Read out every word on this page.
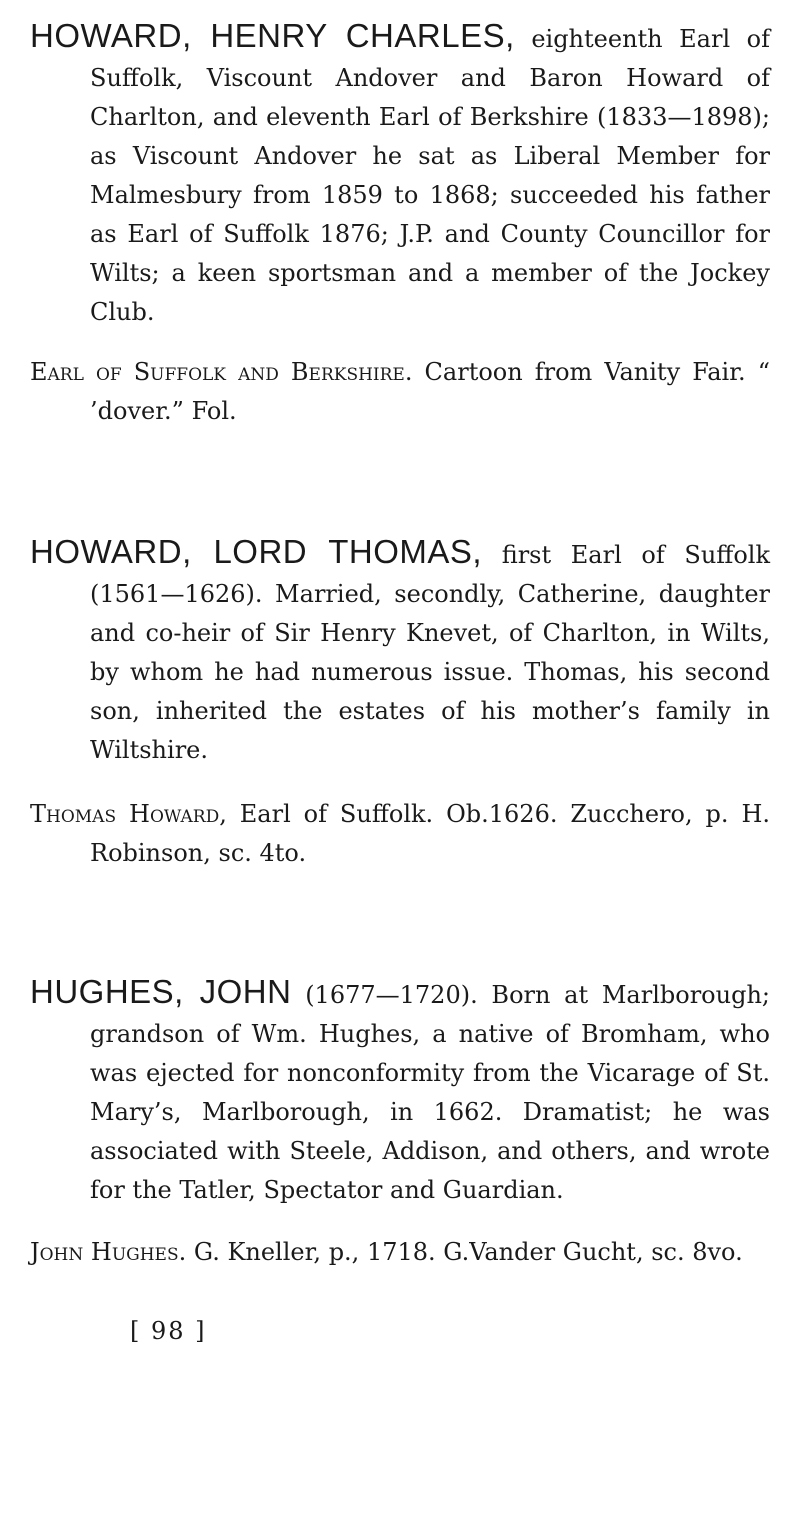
HOWARD, HENRY CHARLES, eighteenth Earl of Suffolk, Viscount Andover and Baron Howard of Charlton, and eleventh Earl of Berkshire (1833—1898); as Viscount Andover he sat as Liberal Member for Malmesbury from 1859 to 1868; succeeded his father as Earl of Suffolk 1876; J.P. and County Councillor for Wilts; a keen sportsman and a member of the Jockey Club.

Earl of Suffolk and Berkshire. Cartoon from Vanity Fair. “ ’dover.” Fol.

HOWARD, LORD THOMAS, first Earl of Suffolk (1561—1626). Married, secondly, Catherine, daughter and co-heir of Sir Henry Knevet, of Charlton, in Wilts, by whom he had numerous issue. Thomas, his second son, inherited the estates of his mother’s family in Wiltshire.

Thomas Howard, Earl of Suffolk. Ob.1626. Zucchero, p. H. Robinson, sc. 4to.

HUGHES, JOHN (1677—1720). Born at Marlborough; grandson of Wm. Hughes, a native of Bromham, who was ejected for nonconformity from the Vicarage of St. Mary’s, Marlborough, in 1662. Dramatist; he was associated with Steele, Addison, and others, and wrote for the Tatler, Spectator and Guardian.

John Hughes. G. Kneller, p., 1718. G.Vander Gucht, sc. 8vo.

[ 98 ]
